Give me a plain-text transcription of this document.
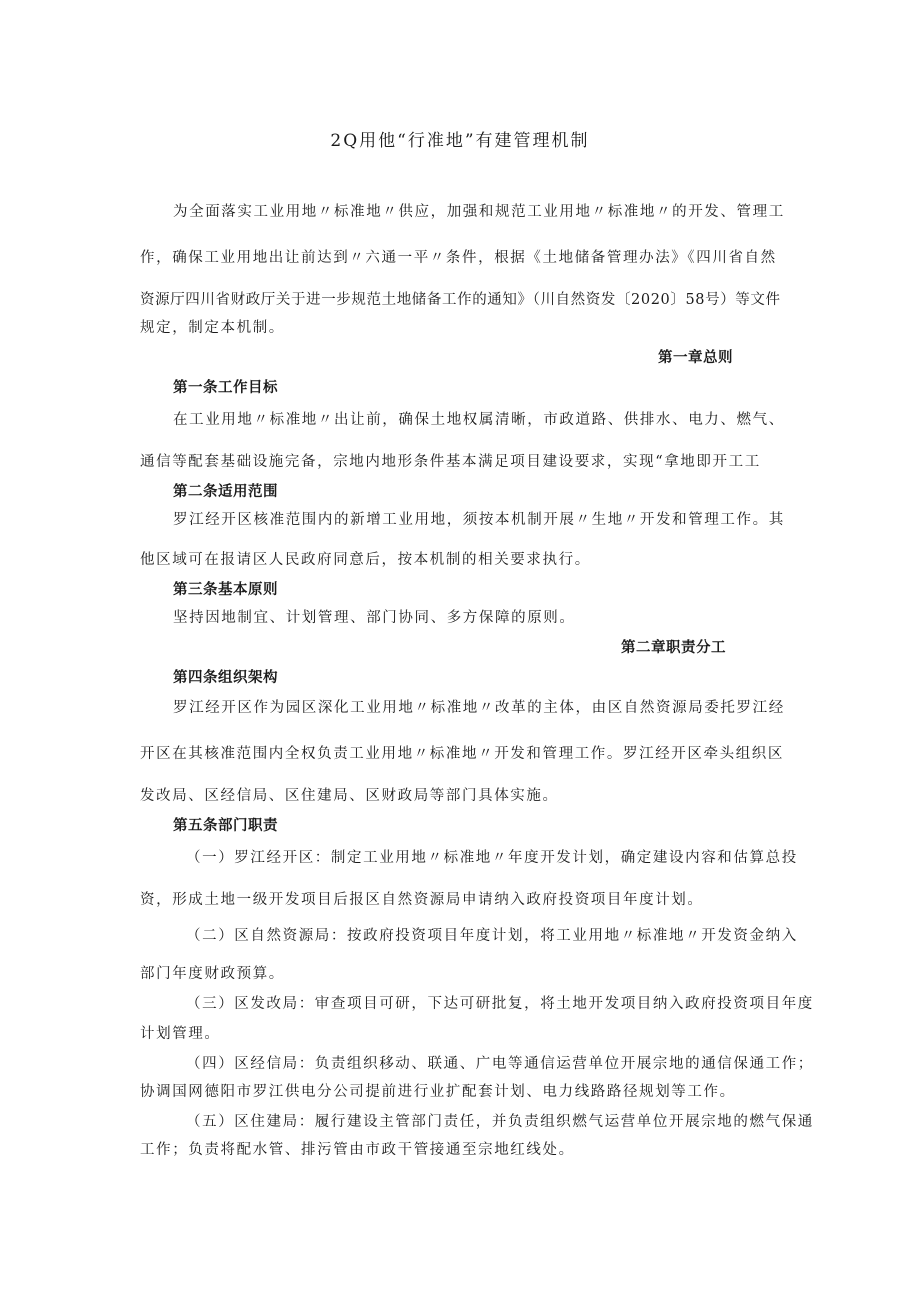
2Q用他“行准地”有建管理机制
为全面落实工业用地〃标准地〃供应，加强和规范工业用地〃标准地〃的开发、管理工
作，确保工业用地出让前达到〃六通一平〃条件，根据《土地储备管理办法》《四川省自然
资源厅四川省财政厅关于进一步规范土地储备工作的通知》（川自然资发〔2020〕58号）等文件
规定，制定本机制。
第一章总则
第一条工作目标
在工业用地〃标准地〃出让前，确保土地权属清晰，市政道路、供排水、电力、燃气、
通信等配套基础设施完备，宗地内地形条件基本满足项目建设要求，实现“拿地即开工工
第二条适用范围
罗江经开区核准范围内的新增工业用地，须按本机制开展〃生地〃开发和管理工作。其
他区域可在报请区人民政府同意后，按本机制的相关要求执行。
第三条基本原则
坚持因地制宜、计划管理、部门协同、多方保障的原则。
第二章职责分工
第四条组织架构
罗江经开区作为园区深化工业用地〃标准地〃改革的主体，由区自然资源局委托罗江经
开区在其核准范围内全权负责工业用地〃标准地〃开发和管理工作。罗江经开区牵头组织区
发改局、区经信局、区住建局、区财政局等部门具体实施。
第五条部门职责
（一）罗江经开区：制定工业用地〃标准地〃年度开发计划，确定建设内容和估算总投
资，形成土地一级开发项目后报区自然资源局申请纳入政府投资项目年度计划。
（二）区自然资源局：按政府投资项目年度计划，将工业用地〃标准地〃开发资金纳入
部门年度财政预算。
（三）区发改局：审查项目可研，下达可研批复，将土地开发项目纳入政府投资项目年度
计划管理。
（四）区经信局：负责组织移动、联通、广电等通信运营单位开展宗地的通信保通工作；
协调国网德阳市罗江供电分公司提前进行业扩配套计划、电力线路路径规划等工作。
（五）区住建局：履行建设主管部门责任，并负责组织燃气运营单位开展宗地的燃气保通
工作；负责将配水管、排污管由市政干管接通至宗地红线处。
